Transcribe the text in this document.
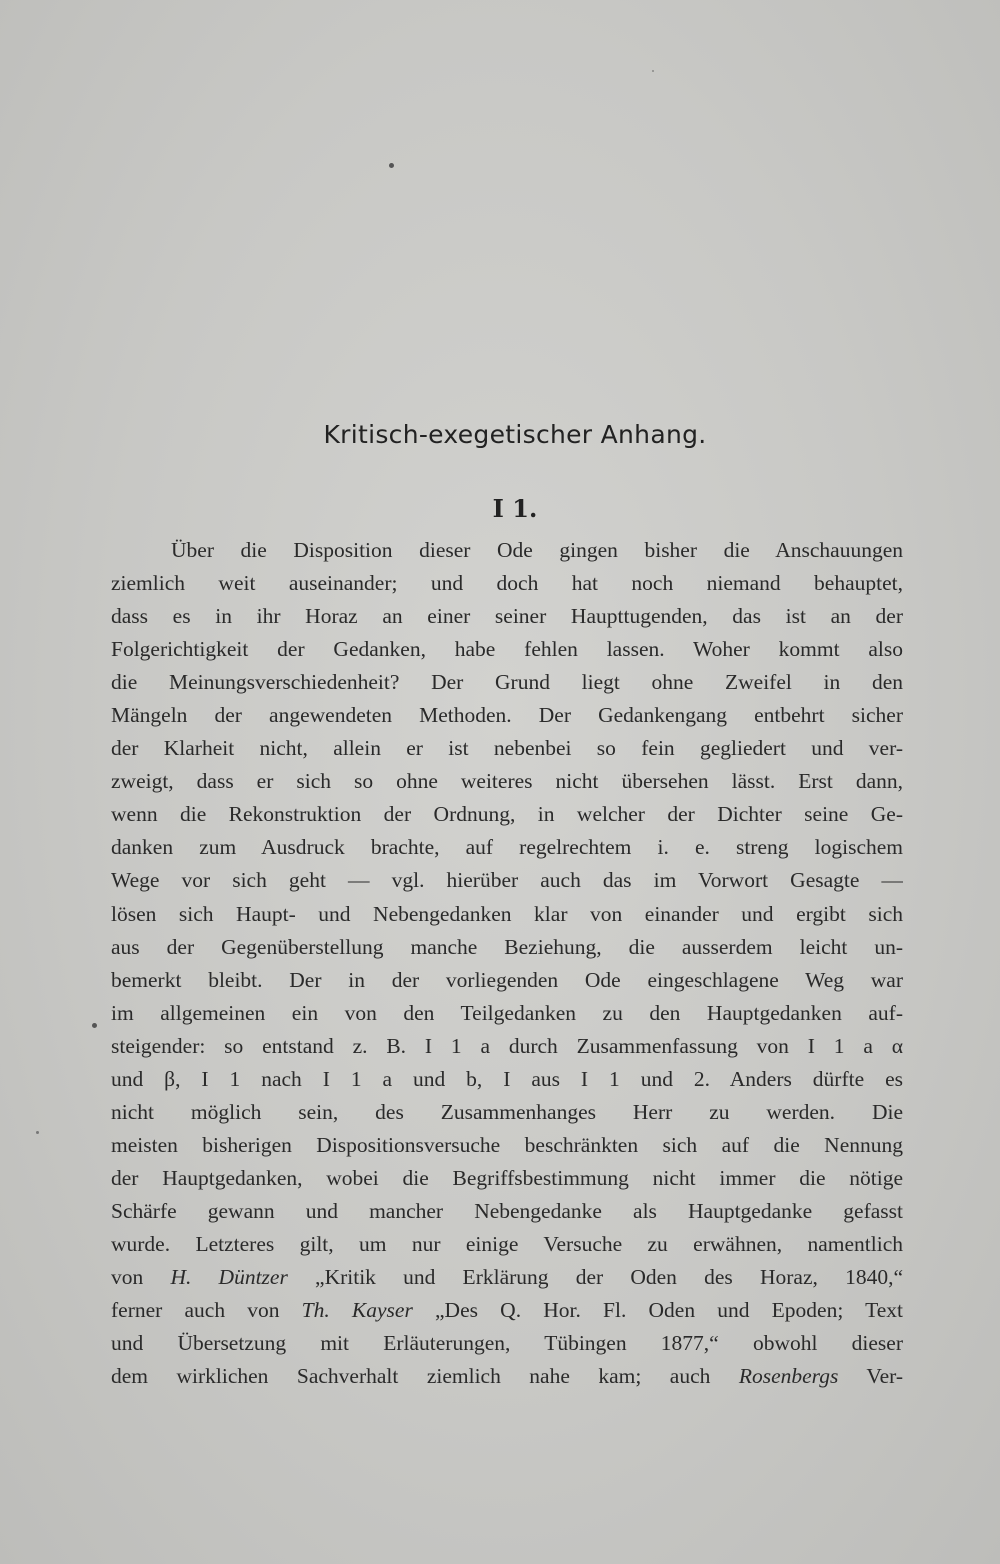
Kritisch-exegetischer Anhang.
I 1.
Über die Disposition dieser Ode gingen bisher die Anschauungen
ziemlich weit auseinander; und doch hat noch niemand behauptet,
dass es in ihr Horaz an einer seiner Haupttugenden, das ist an der
Folgerichtigkeit der Gedanken, habe fehlen lassen. Woher kommt also
die Meinungsverschiedenheit? Der Grund liegt ohne Zweifel in den
Mängeln der angewendeten Methoden. Der Gedankengang entbehrt sicher
der Klarheit nicht, allein er ist nebenbei so fein gegliedert und ver-
zweigt, dass er sich so ohne weiteres nicht übersehen lässt. Erst dann,
wenn die Rekonstruktion der Ordnung, in welcher der Dichter seine Ge-
danken zum Ausdruck brachte, auf regelrechtem i. e. streng logischem
Wege vor sich geht — vgl. hierüber auch das im Vorwort Gesagte —
lösen sich Haupt- und Nebengedanken klar von einander und ergibt sich
aus der Gegenüberstellung manche Beziehung, die ausserdem leicht un-
bemerkt bleibt. Der in der vorliegenden Ode eingeschlagene Weg war
im allgemeinen ein von den Teilgedanken zu den Hauptgedanken auf-
steigender: so entstand z. B. I 1 a durch Zusammenfassung von I 1 a α
und β, I 1 nach I 1 a und b, I aus I 1 und 2. Anders dürfte es
nicht möglich sein, des Zusammenhanges Herr zu werden. Die
meisten bisherigen Dispositionsversuche beschränkten sich auf die Nennung
der Hauptgedanken, wobei die Begriffsbestimmung nicht immer die nötige
Schärfe gewann und mancher Nebengedanke als Hauptgedanke gefasst
wurde. Letzteres gilt, um nur einige Versuche zu erwähnen, namentlich
von H. Düntzer „Kritik und Erklärung der Oden des Horaz, 1840,“
ferner auch von Th. Kayser „Des Q. Hor. Fl. Oden und Epoden; Text
und Übersetzung mit Erläuterungen, Tübingen 1877,“ obwohl dieser
dem wirklichen Sachverhalt ziemlich nahe kam; auch Rosenbergs Ver-
